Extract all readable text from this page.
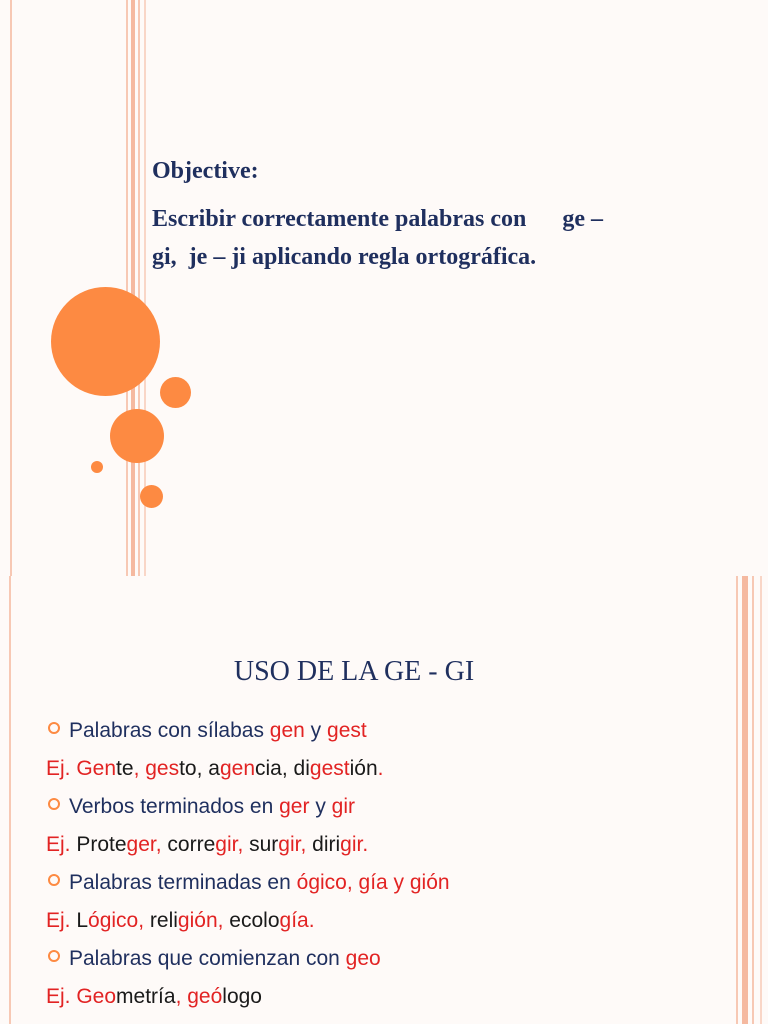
Objective:

Escribir correctamente palabras con      ge –
gi,  je – ji aplicando regla ortográfica.

USO DE LA GE - GI
Palabras con sílabas gen y gest
Ej. Gente, gesto, agencia, digestión.
Verbos terminados en ger y gir
Ej. Proteger, corregir, surgir, dirigir.
Palabras terminadas en ógico, gía y gión
Ej. Lógico, religión, ecología.
Palabras que comienzan con geo
Ej. Geometría, geólogo
